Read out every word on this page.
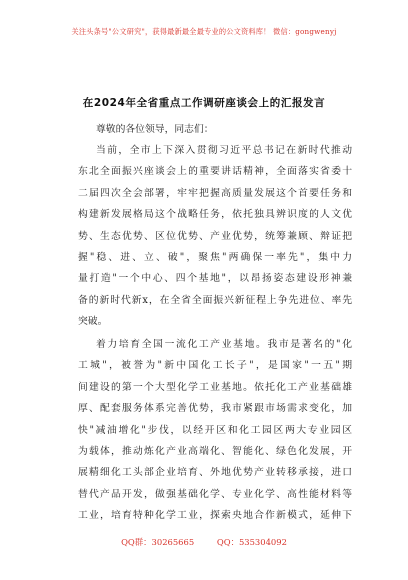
关注头条号"公文研究"，获得最新最全最专业的公文资料库！ 微信：gongwenyj
在2024年全省重点工作调研座谈会上的汇报发言
尊敬的各位领导，同志们：
当前，全市上下深入贯彻习近平总书记在新时代推动
东北全面振兴座谈会上的重要讲话精神，全面落实省委十
二届四次全会部署，牢牢把握高质量发展这个首要任务和
构建新发展格局这个战略任务，依托独具辨识度的人文优
势、生态优势、区位优势、产业优势，统筹兼顾、辩证把
握"稳、进、立、破"，聚焦"两确保一率先"，集中力
量打造"一个中心、四个基地"，以昂扬姿态建设形神兼
备的新时代新x，在全省全面振兴新征程上争先进位、率先
突破。
着力培育全国一流化工产业基地。我市是著名的"化
工城"，被誉为"新中国化工长子"，是国家"一五"期
间建设的第一个大型化学工业基地。依托化工产业基础雄
厚、配套服务体系完善优势，我市紧跟市场需求变化，加
快"减油增化"步伐，以经开区和化工园区两大专业园区
为载体，推动炼化产业高端化、智能化、绿色化发展，开
展精细化工头部企业培育、外地优势产业转移承接，进口
替代产品开发，做强基础化学、专业化学、高性能材料等
工业，培育特种化学工业，探索央地合作新模式，延伸下
QQ群：30265665	QQ：535304092
